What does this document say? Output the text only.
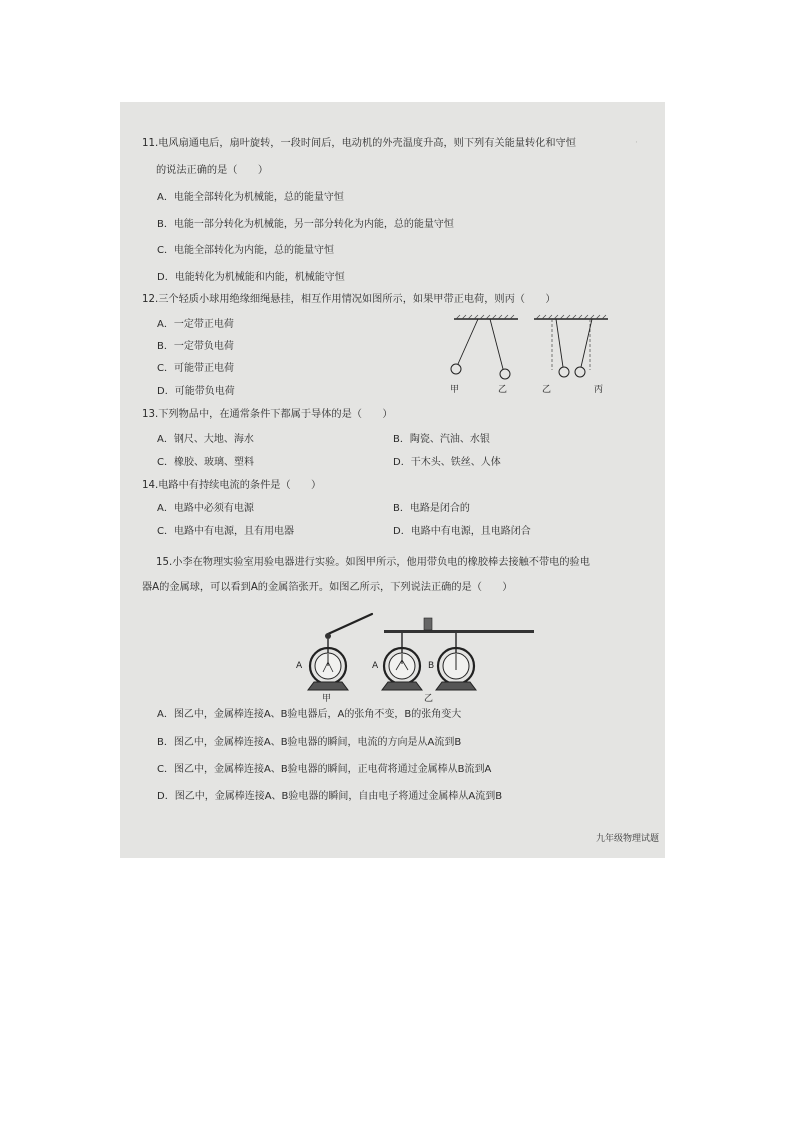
·
11.电风扇通电后，扇叶旋转，一段时间后，电动机的外壳温度升高，则下列有关能量转化和守恒
的说法正确的是（　　）
A．电能全部转化为机械能，总的能量守恒
B．电能一部分转化为机械能，另一部分转化为内能，总的能量守恒
C．电能全部转化为内能，总的能量守恒
D．电能转化为机械能和内能，机械能守恒
12.三个轻质小球用绝缘细绳悬挂，相互作用情况如图所示，如果甲带正电荷，则丙（　　）
A．一定带正电荷
B．一定带负电荷
C．可能带正电荷
D．可能带负电荷	甲	乙	乙	丙
13.下列物品中，在通常条件下都属于导体的是（　　）
A．钢尺、大地、海水	B．陶瓷、汽油、水银
C．橡胶、玻璃、塑料	D．干木头、铁丝、人体
14.电路中有持续电流的条件是（　　）
A．电路中必须有电源	B．电路是闭合的
C．电路中有电源，且有用电器	D．电路中有电源，且电路闭合
15.小李在物理实验室用验电器进行实验。如图甲所示，他用带负电的橡胶棒去接触不带电的验电
器A的金属球，可以看到A的金属箔张开。如图乙所示，下列说法正确的是（　　）
A
甲
A	B
乙
A．图乙中，金属棒连接A、B验电器后，A的张角不变，B的张角变大
B．图乙中，金属棒连接A、B验电器的瞬间，电流的方向是从A流到B
C．图乙中，金属棒连接A、B验电器的瞬间，正电荷将通过金属棒从B流到A
D．图乙中，金属棒连接A、B验电器的瞬间，自由电子将通过金属棒从A流到B
九年级物理试题
